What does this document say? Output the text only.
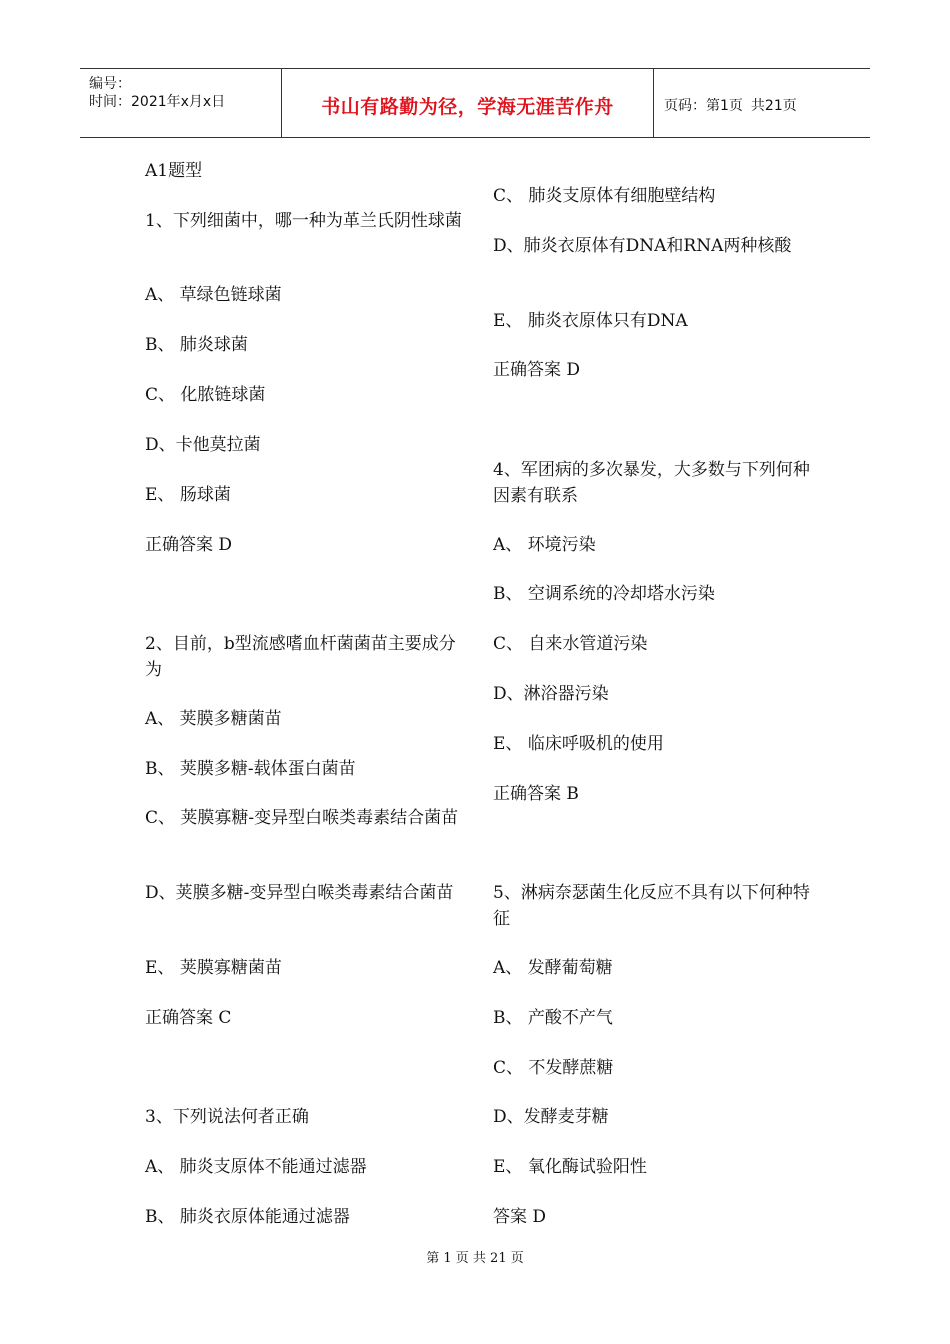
编号：
时间：2021年x月x日	书山有路勤为径，学海无涯苦作舟	页码：第1页 共21页
A1题型
1、下列细菌中，哪一种为革兰氏阴性球菌
A、 草绿色链球菌
B、 肺炎球菌
C、 化脓链球菌
D、卡他莫拉菌
E、 肠球菌
正确答案 D
2、目前，b型流感嗜血杆菌菌苗主要成分为
A、 荚膜多糖菌苗
B、 荚膜多糖-载体蛋白菌苗
C、 荚膜寡糖-变异型白喉类毒素结合菌苗
D、荚膜多糖-变异型白喉类毒素结合菌苗
E、 荚膜寡糖菌苗
正确答案 C
3、下列说法何者正确
A、 肺炎支原体不能通过滤器
B、 肺炎衣原体能通过滤器
C、 肺炎支原体有细胞壁结构
D、肺炎衣原体有DNA和RNA两种核酸
E、 肺炎衣原体只有DNA
正确答案 D
4、军团病的多次暴发，大多数与下列何种因素有联系
A、 环境污染
B、 空调系统的冷却塔水污染
C、 自来水管道污染
D、淋浴器污染
E、 临床呼吸机的使用
正确答案 B
5、淋病奈瑟菌生化反应不具有以下何种特征
A、 发酵葡萄糖
B、 产酸不产气
C、 不发酵蔗糖
D、发酵麦芽糖
E、 氧化酶试验阳性
答案 D
第 1 页 共 21 页
